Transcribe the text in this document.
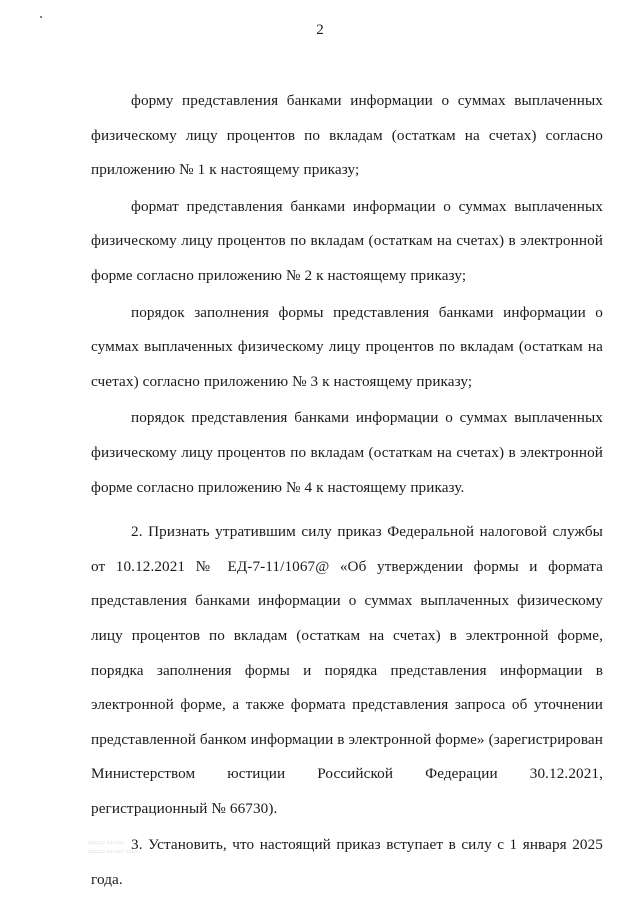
2

форму представления банками информации о суммах выплаченных физическому лицу процентов по вкладам (остаткам на счетах) согласно приложению № 1 к настоящему приказу;

формат представления банками информации о суммах выплаченных физическому лицу процентов по вкладам (остаткам на счетах) в электронной форме согласно приложению № 2 к настоящему приказу;

порядок заполнения формы представления банками информации о суммах выплаченных физическому лицу процентов по вкладам (остаткам на счетах) согласно приложению № 3 к настоящему приказу;

порядок представления банками информации о суммах выплаченных физическому лицу процентов по вкладам (остаткам на счетах) в электронной форме согласно приложению № 4 к настоящему приказу.

2. Признать утратившим силу приказ Федеральной налоговой службы от 10.12.2021 № ЕД-7-11/1067@ «Об утверждении формы и формата представления банками информации о суммах выплаченных физическому лицу процентов по вкладам (остаткам на счетах) в электронной форме, порядка заполнения формы и порядка представления информации в электронной форме, а также формата представления запроса об уточнении представленной банком информации в электронной форме» (зарегистрирован Министерством юстиции Российской Федерации 30.12.2021, регистрационный № 66730).

3. Установить, что настоящий приказ вступает в силу с 1 января 2025 года.

▭▭▭ ▭▭▭
▭▭▭ ▭▭▭ ▭▭
